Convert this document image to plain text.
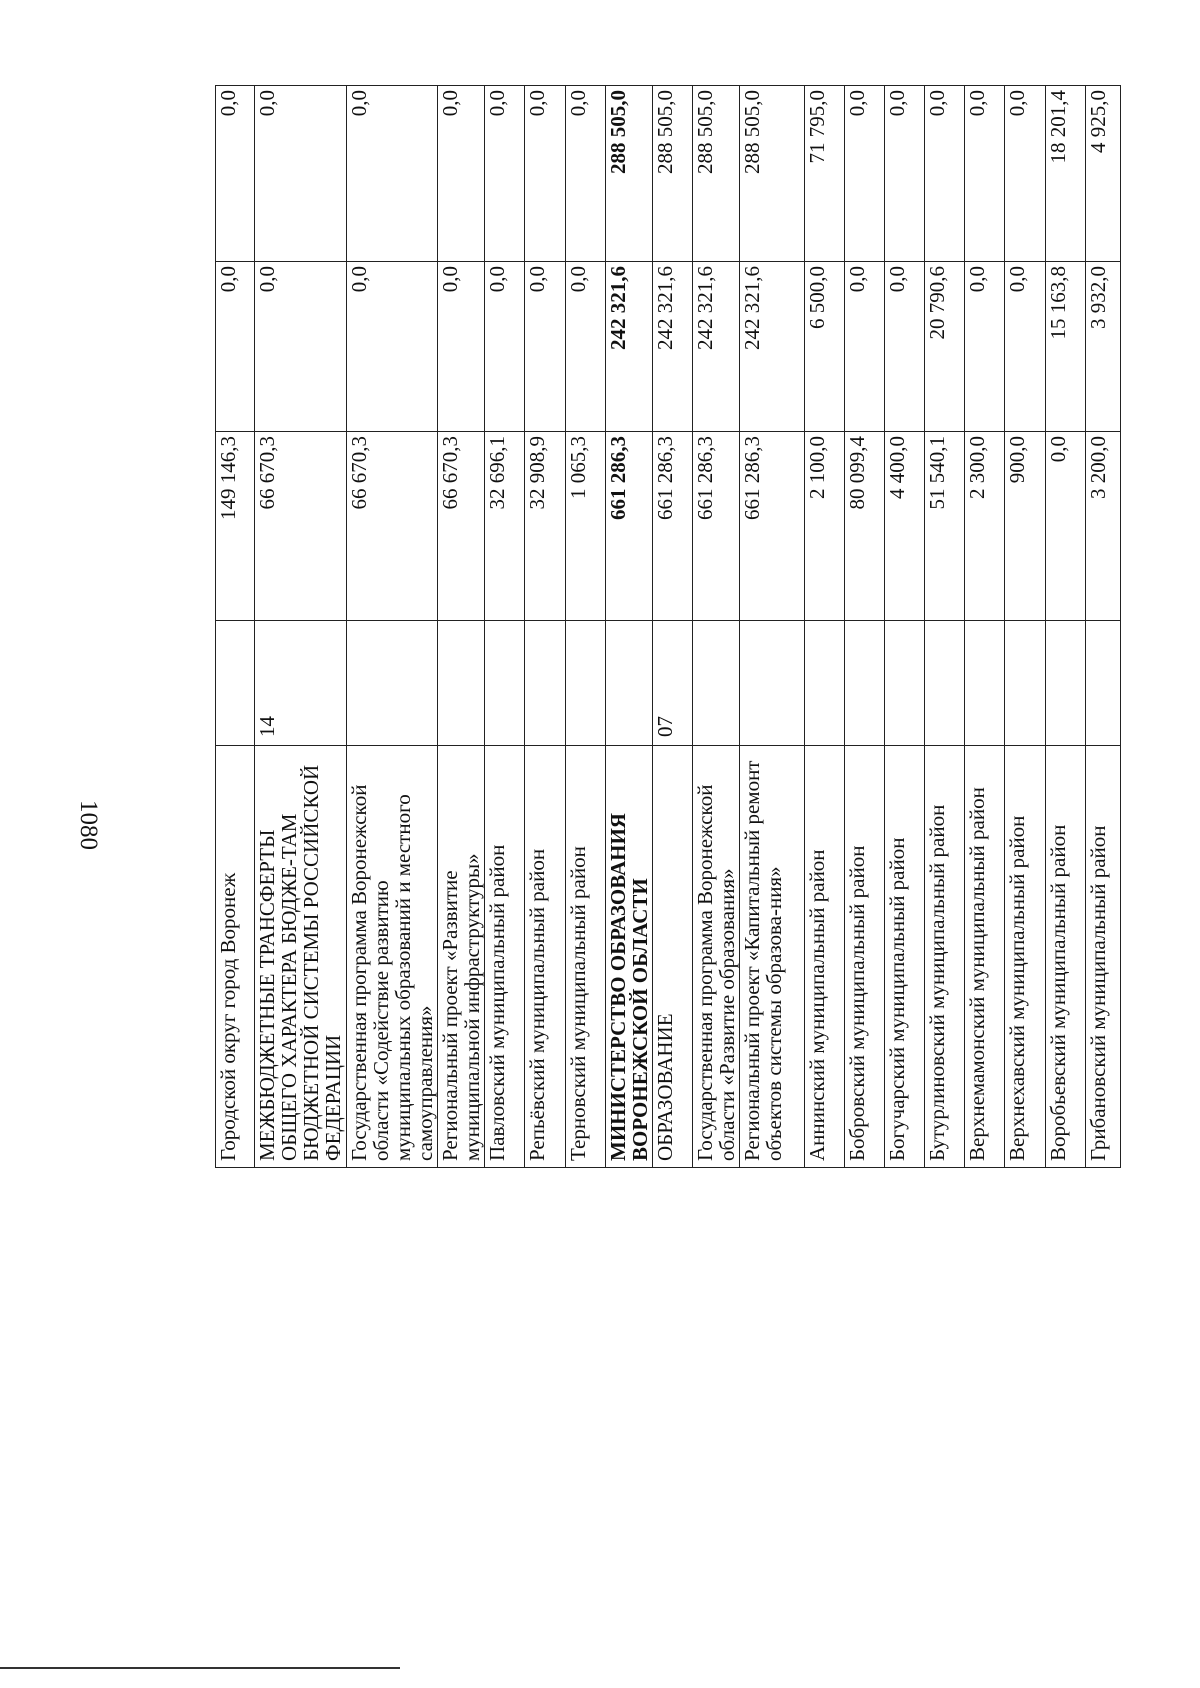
1080
Городской округ город Воронеж		149 146,3	0,0	0,0
МЕЖБЮДЖЕТНЫЕ ТРАНСФЕРТЫ ОБЩЕГО ХАРАКТЕРА БЮДЖЕ-ТАМ БЮДЖЕТНОЙ СИСТЕМЫ РОССИЙСКОЙ ФЕДЕРАЦИИ	14	66 670,3	0,0	0,0
Государственная программа Воронежской области «Содействие развитию муниципальных образований и местного самоуправления»		66 670,3	0,0	0,0
Региональный проект «Развитие муниципальной инфраструктуры»		66 670,3	0,0	0,0
Павловский муниципальный район		32 696,1	0,0	0,0
Репьёвский муниципальный район		32 908,9	0,0	0,0
Терновский муниципальный район		1 065,3	0,0	0,0
МИНИСТЕРСТВО ОБРАЗОВАНИЯ ВОРОНЕЖСКОЙ ОБЛАСТИ		661 286,3	242 321,6	288 505,0
ОБРАЗОВАНИЕ	07	661 286,3	242 321,6	288 505,0
Государственная программа Воронежской области «Развитие образования»		661 286,3	242 321,6	288 505,0
Региональный проект «Капитальный ремонт объектов системы образова-ния»		661 286,3	242 321,6	288 505,0
Аннинский муниципальный район		2 100,0	6 500,0	71 795,0
Бобровский муниципальный район		80 099,4	0,0	0,0
Богучарский муниципальный район		4 400,0	0,0	0,0
Бутурлиновский муниципальный район		51 540,1	20 790,6	0,0
Верхнемамонский муниципальный район		2 300,0	0,0	0,0
Верхнехавский муниципальный район		900,0	0,0	0,0
Воробьевский муниципальный район		0,0	15 163,8	18 201,4
Грибановский муниципальный район		3 200,0	3 932,0	4 925,0
